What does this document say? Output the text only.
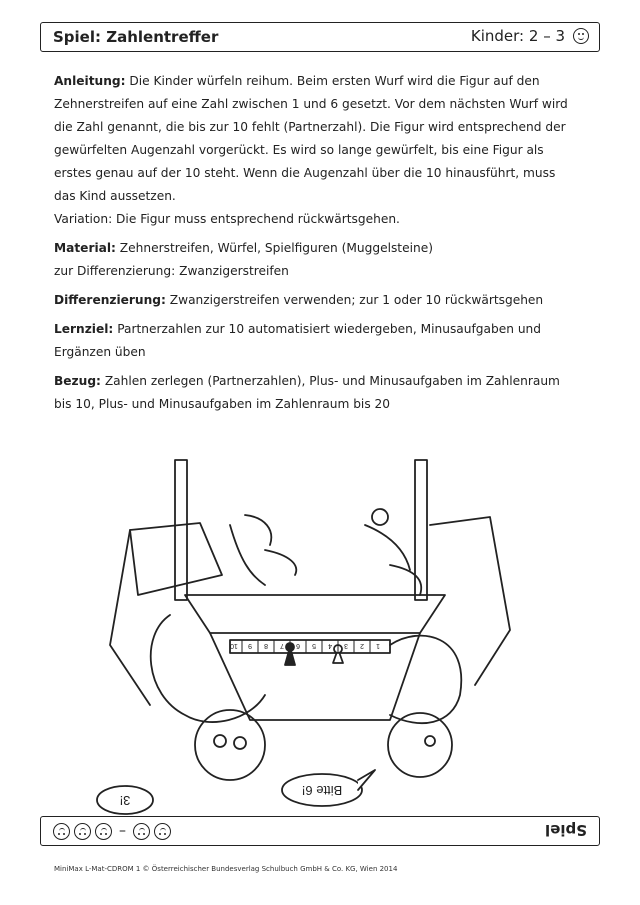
Spiel: Zahlentreffer	Kinder: 2 – 3

Anleitung: Die Kinder würfeln reihum. Beim ersten Wurf wird die Figur auf den Zehnerstreifen auf eine Zahl zwischen 1 und 6 gesetzt. Vor dem nächsten Wurf wird die Zahl genannt, die bis zur 10 fehlt (Partnerzahl). Die Figur wird entsprechend der gewürfelten Augenzahl vorgerückt. Es wird so lange gewürfelt, bis eine Figur als erstes genau auf der 10 steht. Wenn die Augenzahl über die 10 hinausführt, muss das Kind aussetzen.
Variation: Die Figur muss entsprechend rückwärtsgehen.

Material: Zehnerstreifen, Würfel, Spielfiguren (Muggelsteine)
zur Differenzierung: Zwanzigerstreifen

Differenzierung: Zwanzigerstreifen verwenden; zur 1 oder 10 rückwärtsgehen

Lernziel: Partnerzahlen zur 10 automatisiert wiedergeben, Minusaufgaben und Ergänzen üben

Bezug: Zahlen zerlegen (Partnerzahlen), Plus- und Minusaufgaben im Zahlenraum bis 10, Plus- und Minusaufgaben im Zahlenraum bis 20

3!
Bitte 6!
1
2
3
4
5
6
7
8
9
10
–	Spiel
MiniMax L-Mat-CDROM 1 © Österreichischer Bundesverlag Schulbuch GmbH & Co. KG, Wien 2014
